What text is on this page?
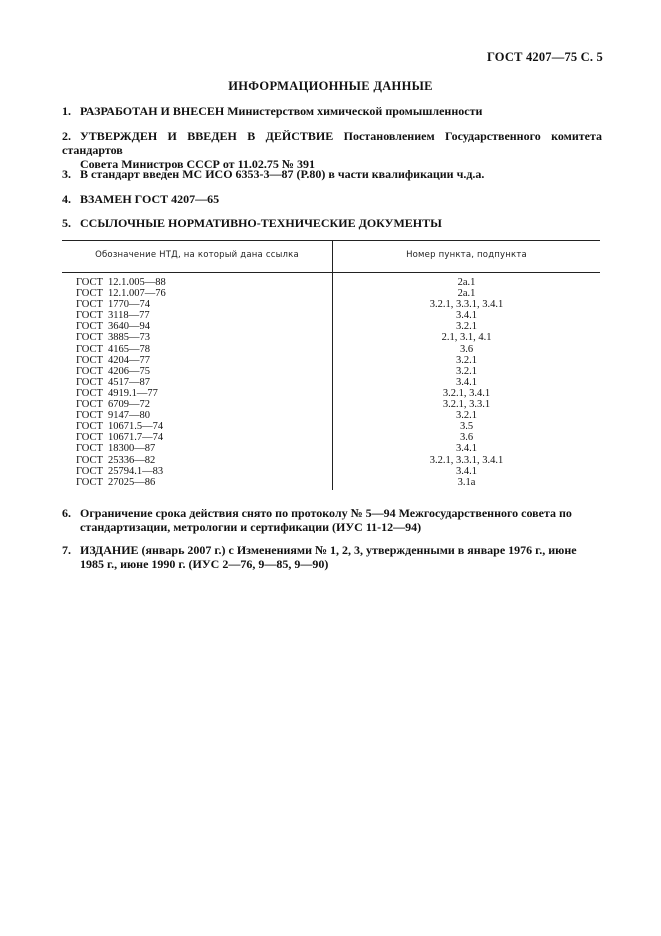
ГОСТ 4207—75 С. 5
ИНФОРМАЦИОННЫЕ ДАННЫЕ
1. РАЗРАБОТАН И ВНЕСЕН Министерством химической промышленности
2. УТВЕРЖДЕН И ВВЕДЕН В ДЕЙСТВИЕ Постановлением Государственного комитета стандартов
Совета Министров СССР от 11.02.75 № 391
3. В стандарт введен МС ИСО 6353-3—87 (Р.80) в части квалификации ч.д.а.
4. ВЗАМЕН ГОСТ 4207—65
5. ССЫЛОЧНЫЕ НОРМАТИВНО-ТЕХНИЧЕСКИЕ ДОКУМЕНТЫ
Обозначение НТД, на который дана ссылка	Номер пункта, подпункта
ГОСТ 12.1.005—88
ГОСТ 12.1.007—76
ГОСТ 1770—74
ГОСТ 3118—77
ГОСТ 3640—94
ГОСТ 3885—73
ГОСТ 4165—78
ГОСТ 4204—77
ГОСТ 4206—75
ГОСТ 4517—87
ГОСТ 4919.1—77
ГОСТ 6709—72
ГОСТ 9147—80
ГОСТ 10671.5—74
ГОСТ 10671.7—74
ГОСТ 18300—87
ГОСТ 25336—82
ГОСТ 25794.1—83
ГОСТ 27025—86
2а.1
2а.1
3.2.1, 3.3.1, 3.4.1
3.4.1
3.2.1
2.1, 3.1, 4.1
3.6
3.2.1
3.2.1
3.4.1
3.2.1, 3.4.1
3.2.1, 3.3.1
3.2.1
3.5
3.6
3.4.1
3.2.1, 3.3.1, 3.4.1
3.4.1
3.1а
6. Ограничение срока действия снято по протоколу № 5—94 Межгосударственного совета по
стандартизации, метрологии и сертификации (ИУС 11-12—94)
7. ИЗДАНИЕ (январь 2007 г.) с Изменениями № 1, 2, 3, утвержденными в январе 1976 г., июне
1985 г., июне 1990 г. (ИУС 2—76, 9—85, 9—90)
